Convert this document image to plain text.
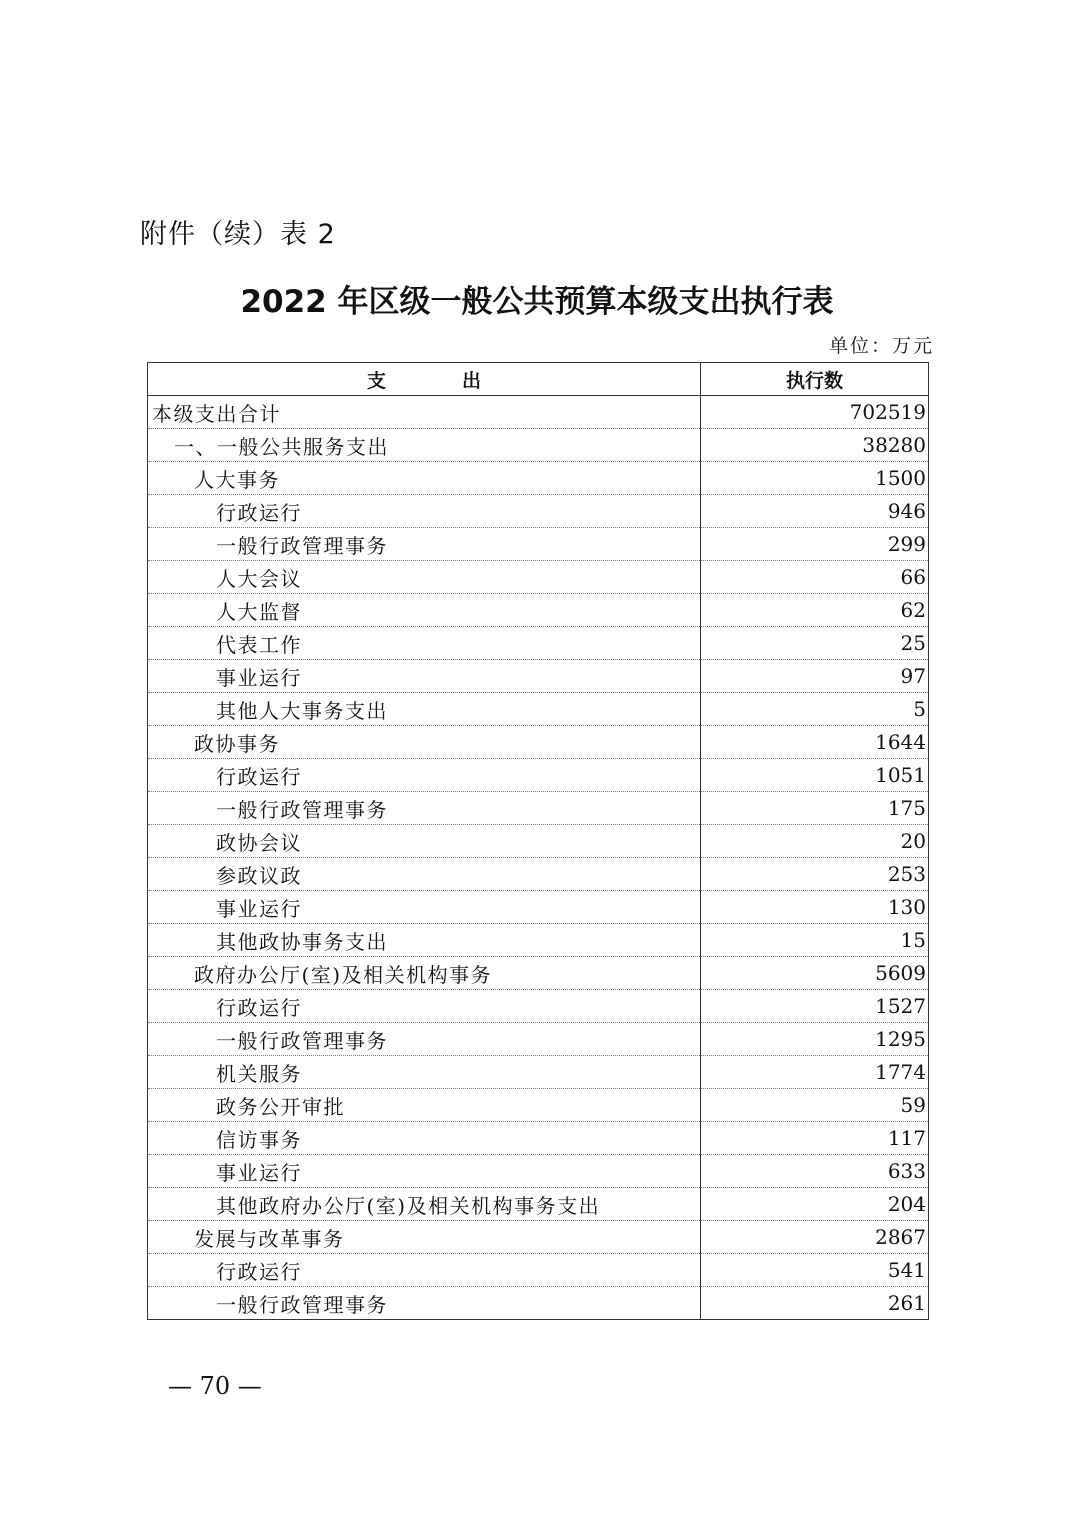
附件（续）表 2
2022 年区级一般公共预算本级支出执行表
单位：万元
支　　　　出	执行数
本级支出合计	702519
一、一般公共服务支出	38280
人大事务	1500
行政运行	946
一般行政管理事务	299
人大会议	66
人大监督	62
代表工作	25
事业运行	97
其他人大事务支出	5
政协事务	1644
行政运行	1051
一般行政管理事务	175
政协会议	20
参政议政	253
事业运行	130
其他政协事务支出	15
政府办公厅(室)及相关机构事务	5609
行政运行	1527
一般行政管理事务	1295
机关服务	1774
政务公开审批	59
信访事务	117
事业运行	633
其他政府办公厅(室)及相关机构事务支出	204
发展与改革事务	2867
行政运行	541
一般行政管理事务	261
— 70 —
